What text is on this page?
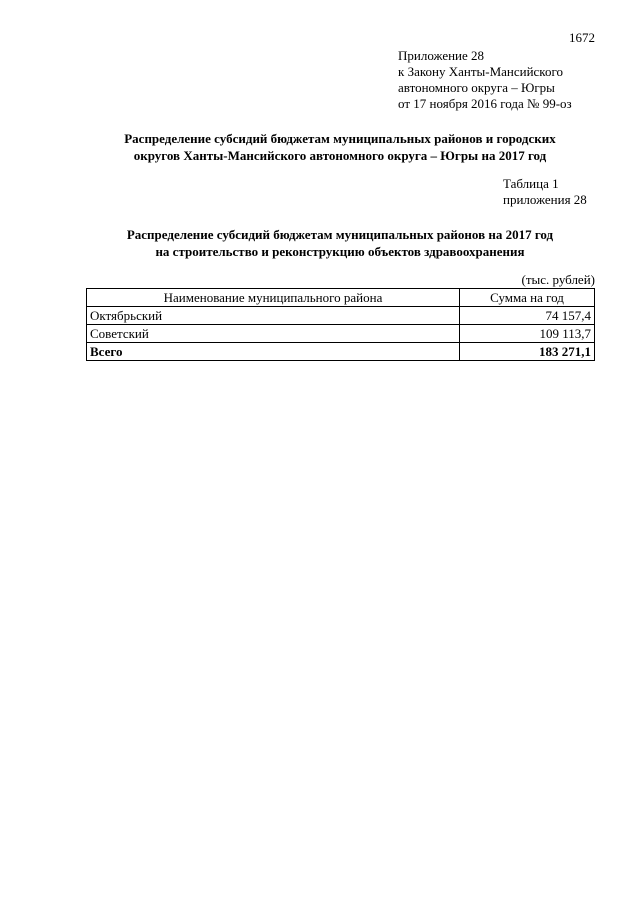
1672
Приложение 28
к Закону Ханты-Мансийского
автономного округа – Югры
от 17 ноября 2016 года № 99-оз
Распределение субсидий бюджетам муниципальных районов и городских
округов Ханты-Мансийского автономного округа – Югры на 2017 год
Таблица 1
приложения 28
Распределение субсидий бюджетам муниципальных районов на 2017 год
на строительство и реконструкцию объектов здравоохранения
(тыс. рублей)
Наименование муниципального района	Сумма на год
Октябрьский	74 157,4
Советский	109 113,7
Всего	183 271,1
